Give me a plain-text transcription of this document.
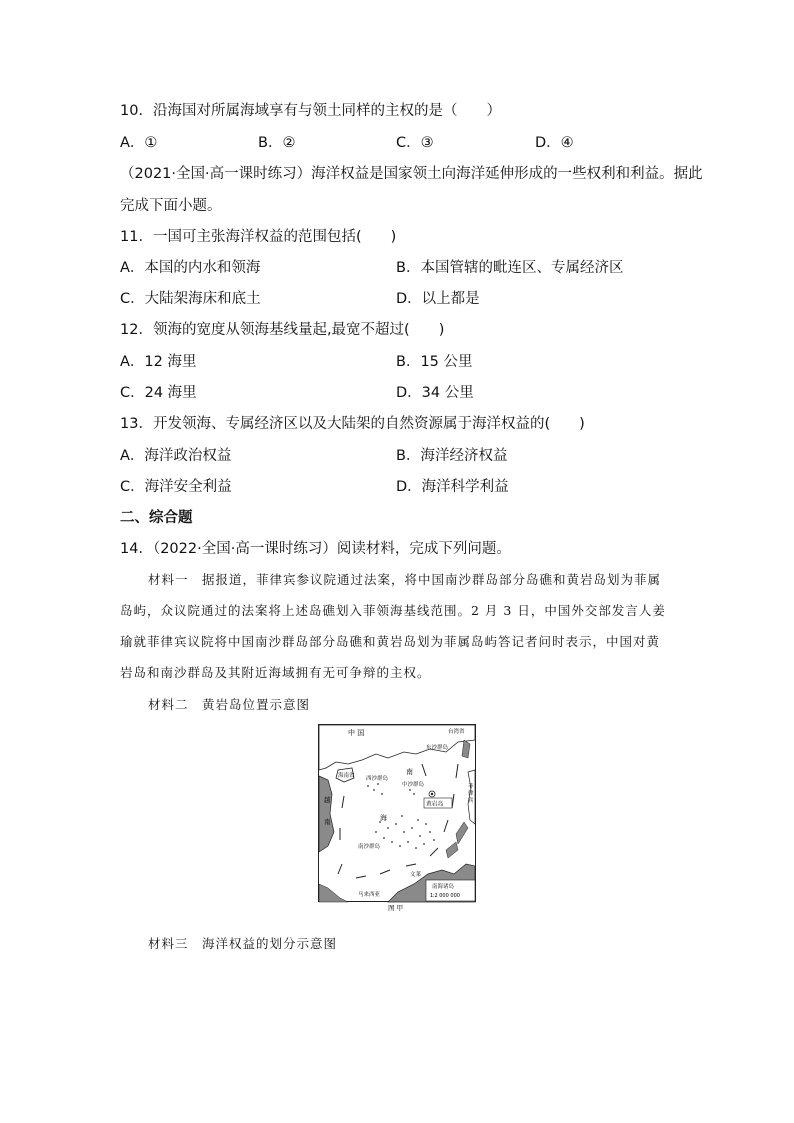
10．沿海国对所属海域享有与领土同样的主权的是（　　）
A．①	B．②	C．③	D．④
（2021·全国·高一课时练习）海洋权益是国家领土向海洋延伸形成的一些权利和利益。据此
完成下面小题。
11．一国可主张海洋权益的范围包括(　　)
A．本国的内水和领海	B．本国管辖的毗连区、专属经济区
C．大陆架海床和底土	D．以上都是
12．领海的宽度从领海基线量起,最宽不超过(　　)
A．12 海里	B．15 公里
C．24 海里	D．34 公里
13．开发领海、专属经济区以及大陆架的自然资源属于海洋权益的(　　)
A．海洋政治权益	B．海洋经济权益
C．海洋安全利益	D．海洋科学利益
二、综合题
14．（2022·全国·高一课时练习）阅读材料，完成下列问题。
材料一　据报道，菲律宾参议院通过法案，将中国南沙群岛部分岛礁和黄岩岛划为菲属
岛屿，众议院通过的法案将上述岛礁划入菲领海基线范围。2 月 3 日，中国外交部发言人姜
瑜就菲律宾议院将中国南沙群岛部分岛礁和黄岩岛划为菲属岛屿答记者问时表示，中国对黄
岩岛和南沙群岛及其附近海域拥有无可争辩的主权。
材料二　黄岩岛位置示意图
中 国	台湾省
东沙群岛
海南省 西沙群岛
南
中沙群岛
黄岩岛
越
南	海
南沙群岛
文莱
马来西亚
菲 律 宾
南海诸岛
1∶2 000 000
图 甲
材料三　海洋权益的划分示意图
